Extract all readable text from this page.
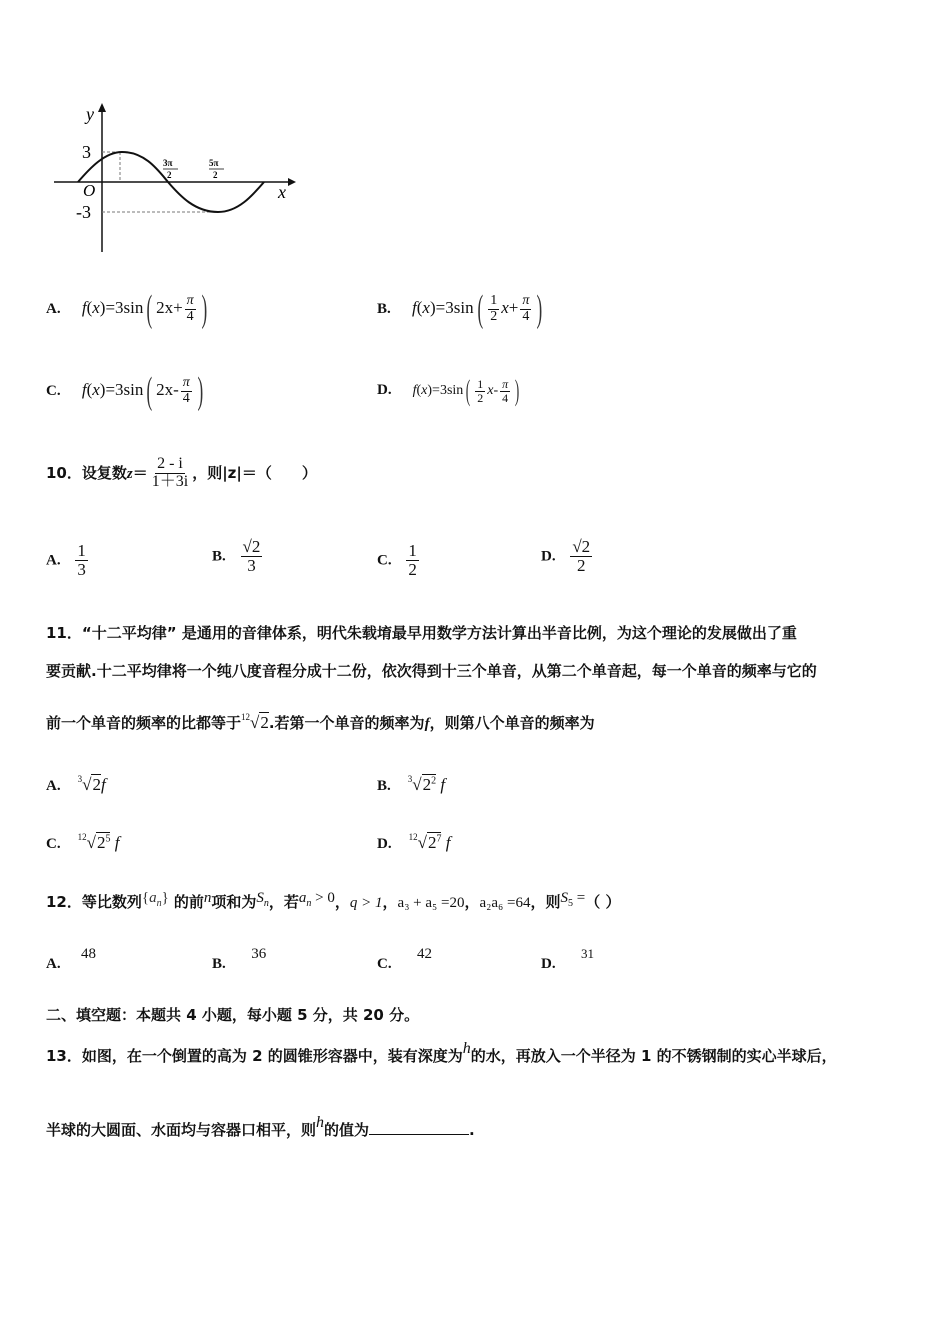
y
x
O
3
-3
3π
2
5π
2
A. f(x)=3sin( $2x+ \frac{\pi}{4}$ )	B. $f(x)=3\sin( \frac{1}{2} x+ \frac{\pi}{4}$ )
C. f(x)=3sin( $2x- \frac{\pi}{4}$ )	D. $f(x)=3\sin( \frac{1}{2} x- \frac{\pi}{4}$ )
10．设复数$z= \frac{2 - i}{1+3i}$ ，则|z|＝（　　）
A. $\frac{1}{3}$	B. $\frac{√2}{3}$	C. $\frac{1}{2}$	D. $\frac{√2}{2}$
11．“十二平均律” 是通用的音律体系，明代朱载堉最早用数学方法计算出半音比例，为这个理论的发展做出了重
要贡献.十二平均律将一个纯八度音程分成十二份，依次得到十三个单音，从第二个单音起，每一个单音的频率与它的
前一个单音的频率的比都等于$^{12}$√2.若第一个单音的频率为f，则第八个单音的频率为
A. $^3$√2f	B. $^3√2^2$ f
C. $^{12}√2^5$ f	D. $^{12}√2^7$ f
12．等比数列$\{a_n\}$ 的前n项和为$S_n$，若$a_n > 0$，q > 1，a₃ + a₅ =20，a₂a₆ =64，则$S_5$ =（ ）
A.    48
B.     36
C.     42
D.     $^{31}$
二、填空题：本题共 4 小题，每小题 5 分，共 20 分。
13．如图，在一个倒置的高为 2 的圆锥形容器中，装有深度为h的水，再放入一个半径为 1 的不锈钢制的实心半球后，
半球的大圆面、水面均与容器口相平，则h的值为	.
